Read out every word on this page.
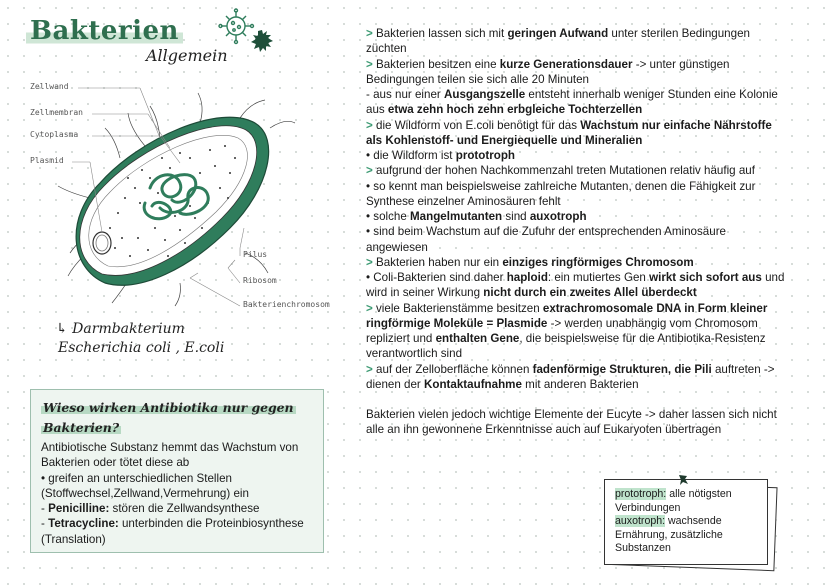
Bakterien
Allgemein
Zellwand
Zellmembran
Cytoplasma
Plasmid
Pilus
Ribosom
Bakterienchromosom
↳ Darmbakterium
Escherichia coli , E.coli

> Bakterien lassen sich mit geringen Aufwand unter sterilen Bedingungen züchten

> Bakterien besitzen eine kurze Generationsdauer -> unter günstigen Bedingungen teilen sie sich alle 20 Minuten

- aus nur einer Ausgangszelle entsteht innerhalb weniger Stunden eine Kolonie aus etwa zehn hoch zehn erbgleiche Tochterzellen

> die Wildform von E.coli benötigt für das Wachstum nur einfache Nährstoffe als Kohlenstoff- und Energiequelle und Mineralien

• die Wildform ist prototroph

> aufgrund der hohen Nachkommenzahl treten Mutationen relativ häufig auf

• so kennt man beispielsweise zahlreiche Mutanten, denen die Fähigkeit zur Synthese einzelner Aminosäuren fehlt

• solche Mangelmutanten sind auxotroph

• sind beim Wachstum auf die Zufuhr der entsprechenden Aminosäure angewiesen

> Bakterien haben nur ein einziges ringförmiges Chromosom

• Coli-Bakterien sind daher haploid: ein mutiertes Gen wirkt sich sofort aus und wird in seiner Wirkung nicht durch ein zweites Allel überdeckt

> viele Bakterienstämme besitzen extrachromosomale DNA in Form kleiner ringförmige Moleküle = Plasmide -> werden unabhängig vom Chromosom repliziert und enthalten Gene, die beispielsweise für die Antibiotika-Resistenz verantwortlich sind

> auf der Zelloberfläche können fadenförmige Strukturen, die Pili auftreten -> dienen der Kontaktaufnahme mit anderen Bakterien

Bakterien vielen jedoch wichtige Elemente der Eucyte -> daher lassen sich nicht alle an ihn gewonnene Erkenntnisse auch auf Eukaryoten übertragen

Wieso wirken Antibiotika nur gegen
Bakterien?

Antibiotische Substanz hemmt das Wachstum von Bakterien oder tötet diese ab

• greifen an unterschiedlichen Stellen (Stoffwechsel,Zellwand,Vermehrung) ein

- Penicilline: stören die Zellwandsynthese

- Tetracycline: unterbinden die Proteinbiosynthese (Translation)

prototroph: alle nötigsten Verbindungen
auxotroph: wachsende Ernährung, zusätzliche Substanzen
